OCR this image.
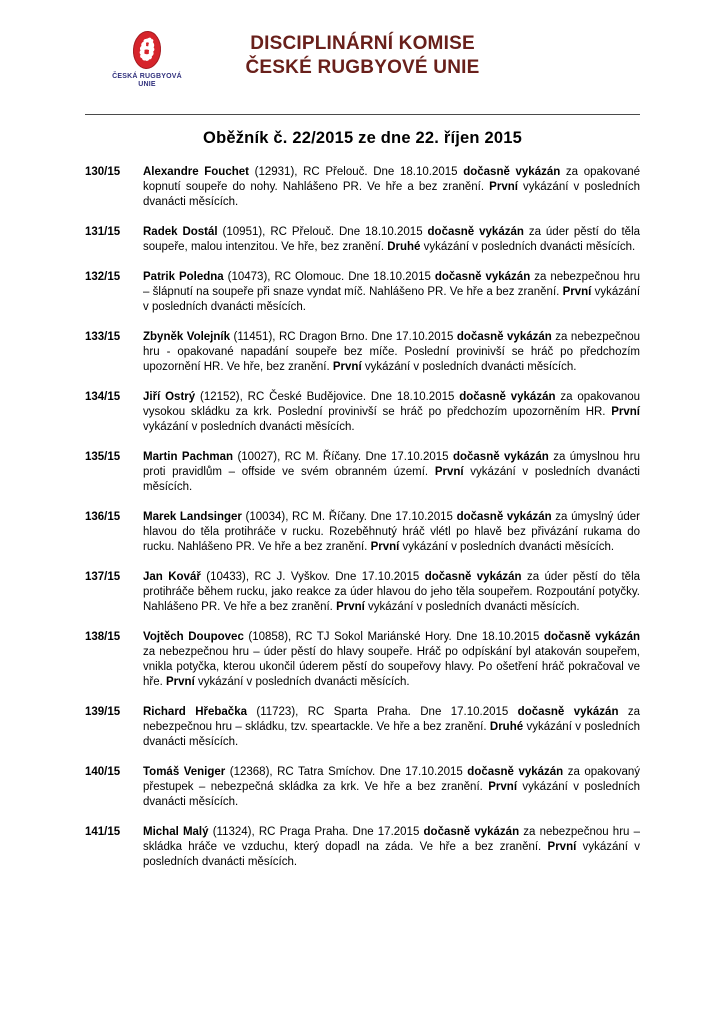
ČESKÁ RUGBYOVÁ
UNIE
DISCIPLINÁRNÍ KOMISE
ČESKÉ RUGBYOVÉ UNIE
Oběžník č. 22/2015 ze dne 22. říjen 2015
130/15	Alexandre Fouchet (12931), RC Přelouč. Dne 18.10.2015 dočasně vykázán za opakované kopnutí soupeře do nohy. Nahlášeno PR. Ve hře a bez zranění. První vykázání v posledních dvanácti měsících.

131/15	Radek Dostál (10951), RC Přelouč. Dne 18.10.2015 dočasně vykázán za úder pěstí do těla soupeře, malou intenzitou. Ve hře, bez zranění. Druhé vykázání v posledních dvanácti měsících.

132/15	Patrik Poledna (10473), RC Olomouc. Dne 18.10.2015 dočasně vykázán za nebezpečnou hru – šlápnutí na soupeře při snaze vyndat míč. Nahlášeno PR. Ve hře a bez zranění. První vykázání v posledních dvanácti měsících.

133/15	Zbyněk Volejník (11451), RC Dragon Brno. Dne 17.10.2015 dočasně vykázán za nebezpečnou hru - opakované napadání soupeře bez míče. Poslední provinivší se hráč po předchozím upozornění HR. Ve hře, bez zranění. První vykázání v posledních dvanácti měsících.

134/15	Jiří Ostrý (12152), RC České Budějovice. Dne 18.10.2015 dočasně vykázán za opakovanou vysokou skládku za krk. Poslední provinivší se hráč po předchozím upozorněním HR. První vykázání v posledních dvanácti měsících.

135/15	Martin Pachman (10027), RC M. Říčany. Dne 17.10.2015 dočasně vykázán za úmyslnou hru proti pravidlům – offside ve svém obranném území. První vykázání v posledních dvanácti měsících.

136/15	Marek Landsinger (10034), RC M. Říčany. Dne 17.10.2015 dočasně vykázán za úmyslný úder hlavou do těla protihráče v rucku. Rozeběhnutý hráč vlétl po hlavě bez přivázání rukama do rucku. Nahlášeno PR. Ve hře a bez zranění. První vykázání v posledních dvanácti měsících.

137/15	Jan Kovář (10433), RC J. Vyškov. Dne 17.10.2015 dočasně vykázán za úder pěstí do těla protihráče během rucku, jako reakce za úder hlavou do jeho těla soupeřem. Rozpoutání potyčky. Nahlášeno PR. Ve hře a bez zranění. První vykázání v posledních dvanácti měsících.

138/15	Vojtěch Doupovec (10858), RC TJ Sokol Mariánské Hory. Dne 18.10.2015 dočasně vykázán za nebezpečnou hru – úder pěstí do hlavy soupeře. Hráč po odpískání byl atakován soupeřem, vnikla potyčka, kterou ukončil úderem pěstí do soupeřovy hlavy. Po ošetření hráč pokračoval ve hře. První vykázání v posledních dvanácti měsících.

139/15	Richard Hřebačka (11723), RC Sparta Praha. Dne 17.10.2015 dočasně vykázán za nebezpečnou hru – skládku, tzv. speartackle. Ve hře a bez zranění. Druhé vykázání v posledních dvanácti měsících.

140/15	Tomáš Veniger (12368), RC Tatra Smíchov. Dne 17.10.2015 dočasně vykázán za opakovaný přestupek – nebezpečná skládka za krk. Ve hře a bez zranění. První vykázání v posledních dvanácti měsících.

141/15	Michal Malý (11324), RC Praga Praha. Dne 17.2015 dočasně vykázán za nebezpečnou hru – skládka hráče ve vzduchu, který dopadl na záda. Ve hře a bez zranění. První vykázání v posledních dvanácti měsících.
